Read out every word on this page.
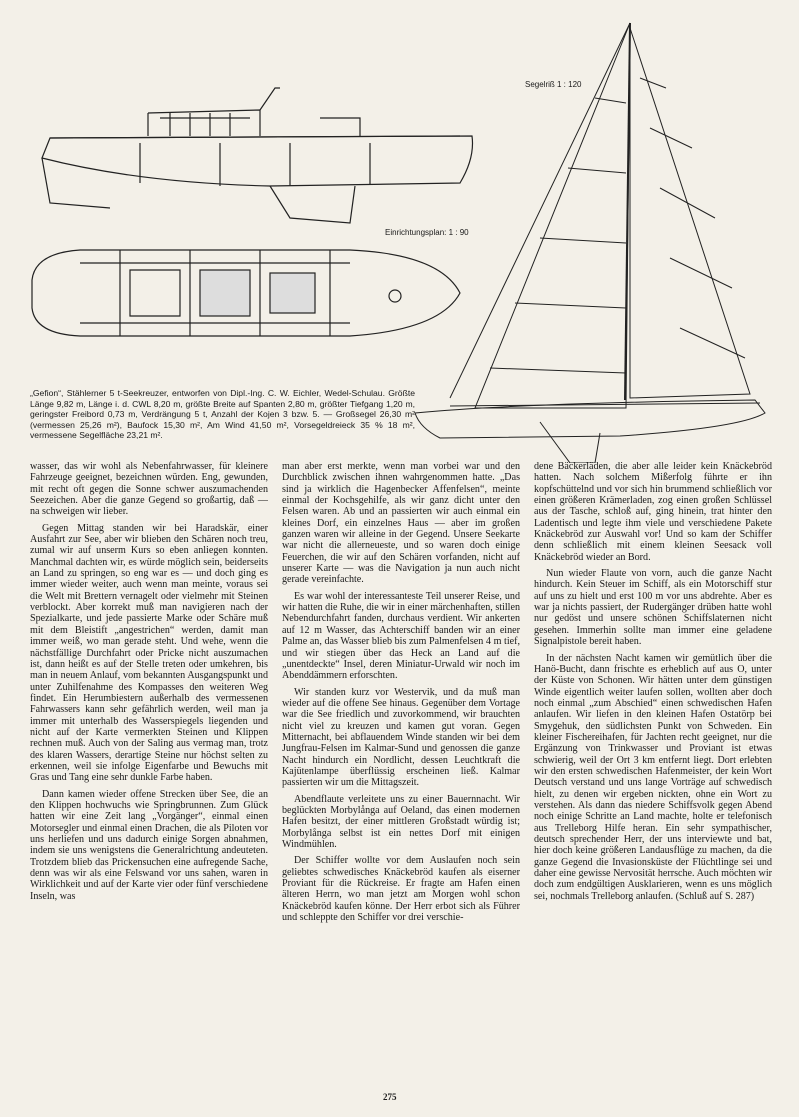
Segelriß 1 : 120
Einrichtungsplan: 1 : 90
„Gefion“, Stählerner 5 t-Seekreuzer, entworfen von Dipl.-Ing. C. W. Eichler, Wedel-Schulau. Größte Länge 9,82 m, Länge i. d. CWL 8,20 m, größte Breite auf Spanten 2,80 m, größter Tiefgang 1,20 m, geringster Freibord 0,73 m, Verdrängung 5 t, Anzahl der Kojen 3 bzw. 5. — Großsegel 26,30 m² (vermessen 25,26 m²), Baufock 15,30 m², Am Wind 41,50 m², Vorsegeldreieck 35 % 18 m², vermessene Segelfläche 23,21 m².

wasser, das wir wohl als Nebenfahrwasser, für kleinere Fahrzeuge geeignet, bezeichnen würden. Eng, gewunden, mit recht oft gegen die Sonne schwer auszumachenden Seezeichen. Aber die ganze Gegend so großartig, daß — na schweigen wir lieber.

Gegen Mittag standen wir bei Haradskär, einer Ausfahrt zur See, aber wir blieben den Schären noch treu, zumal wir auf unserm Kurs so eben anliegen konnten. Manchmal dachten wir, es würde möglich sein, beiderseits an Land zu springen, so eng war es — und doch ging es immer wieder weiter, auch wenn man meinte, voraus sei die Welt mit Brettern vernagelt oder vielmehr mit Steinen verblockt. Aber korrekt muß man navigieren nach der Spezialkarte, und jede passierte Marke oder Schäre muß mit dem Bleistift „angestrichen“ werden, damit man immer weiß, wo man gerade steht. Und wehe, wenn die nächstfällige Durchfahrt oder Pricke nicht auszumachen ist, dann heißt es auf der Stelle treten oder umkehren, bis man in neuem Anlauf, vom bekannten Ausgangspunkt und unter Zuhilfenahme des Kompasses den weiteren Weg findet. Ein Herumbiestern außerhalb des vermessenen Fahrwassers kann sehr gefährlich werden, weil man ja immer mit unterhalb des Wasserspiegels liegenden und nicht auf der Karte vermerkten Steinen und Klippen rechnen muß. Auch von der Saling aus vermag man, trotz des klaren Wassers, derartige Steine nur höchst selten zu erkennen, weil sie infolge Eigenfarbe und Bewuchs mit Gras und Tang eine sehr dunkle Farbe haben.

Dann kamen wieder offene Strecken über See, die an den Klippen hochwuchs wie Springbrunnen. Zum Glück hatten wir eine Zeit lang „Vorgänger“, einmal einen Motorsegler und einmal einen Drachen, die als Piloten vor uns herliefen und uns dadurch einige Sorgen abnahmen, indem sie uns wenigstens die Generalrichtung andeuteten. Trotzdem blieb das Prickensuchen eine aufregende Sache, denn was wir als eine Felswand vor uns sahen, waren in Wirklichkeit und auf der Karte vier oder fünf verschiedene Inseln, was

man aber erst merkte, wenn man vorbei war und den Durchblick zwischen ihnen wahrgenommen hatte. „Das sind ja wirklich die Hagenbecker Affenfelsen“, meinte einmal der Kochsgehilfe, als wir ganz dicht unter den Felsen waren. Ab und an passierten wir auch einmal ein kleines Dorf, ein einzelnes Haus — aber im großen ganzen waren wir alleine in der Gegend. Unsere Seekarte war nicht die allerneueste, und so waren doch einige Feuerchen, die wir auf den Schären vorfanden, nicht auf unserer Karte — was die Navigation ja nun auch nicht gerade vereinfachte.

Es war wohl der interessanteste Teil unserer Reise, und wir hatten die Ruhe, die wir in einer märchenhaften, stillen Nebendurchfahrt fanden, durchaus verdient. Wir ankerten auf 12 m Wasser, das Achterschiff banden wir an einer Palme an, das Wasser blieb bis zum Palmenfelsen 4 m tief, und wir stiegen über das Heck an Land auf die „unentdeckte“ Insel, deren Miniatur-Urwald wir noch im Abenddämmern erforschten.

Wir standen kurz vor Westervik, und da muß man wieder auf die offene See hinaus. Gegenüber dem Vortage war die See friedlich und zuvorkommend, wir brauchten nicht viel zu kreuzen und kamen gut voran. Gegen Mitternacht, bei abflauendem Winde standen wir bei dem Jungfrau-Felsen im Kalmar-Sund und genossen die ganze Nacht hindurch ein Nordlicht, dessen Leuchtkraft die Kajütenlampe überflüssig erscheinen ließ. Kalmar passierten wir um die Mittagszeit.

Abendflaute verleitete uns zu einer Bauernnacht. Wir beglückten Morbylånga auf Oeland, das einen modernen Hafen besitzt, der einer mittleren Großstadt würdig ist; Morbylånga selbst ist ein nettes Dorf mit einigen Windmühlen.

Der Schiffer wollte vor dem Auslaufen noch sein geliebtes schwedisches Knäckebröd kaufen als eiserner Proviant für die Rückreise. Er fragte am Hafen einen älteren Herrn, wo man jetzt am Morgen wohl schon Knäckebröd kaufen könne. Der Herr erbot sich als Führer und schleppte den Schiffer vor drei verschie-

dene Bäckerläden, die aber alle leider kein Knäckebröd hatten. Nach solchem Mißerfolg führte er ihn kopfschüttelnd und vor sich hin brummend schließlich vor einen größeren Krämerladen, zog einen großen Schlüssel aus der Tasche, schloß auf, ging hinein, trat hinter den Ladentisch und legte ihm viele und verschiedene Pakete Knäckebröd zur Auswahl vor! Und so kam der Schiffer denn schließlich mit einem kleinen Seesack voll Knäckebröd wieder an Bord.

Nun wieder Flaute von vorn, auch die ganze Nacht hindurch. Kein Steuer im Schiff, als ein Motorschiff stur auf uns zu hielt und erst 100 m vor uns abdrehte. Aber es war ja nichts passiert, der Rudergänger drüben hatte wohl nur gedöst und unsere schönen Schiffslaternen nicht gesehen. Immerhin sollte man immer eine geladene Signalpistole bereit haben.

In der nächsten Nacht kamen wir gemütlich über die Hanö-Bucht, dann frischte es erheblich auf aus O, unter der Küste von Schonen. Wir hätten unter dem günstigen Winde eigentlich weiter laufen sollen, wollten aber doch noch einmal „zum Abschied“ einen schwedischen Hafen anlaufen. Wir liefen in den kleinen Hafen Ostatörp bei Smygehuk, den südlichsten Punkt von Schweden. Ein kleiner Fischereihafen, für Jachten recht geeignet, nur die Ergänzung von Trinkwasser und Proviant ist etwas schwierig, weil der Ort 3 km entfernt liegt. Dort erlebten wir den ersten schwedischen Hafenmeister, der kein Wort Deutsch verstand und uns lange Vorträge auf schwedisch hielt, zu denen wir ergeben nickten, ohne ein Wort zu verstehen. Als dann das niedere Schiffsvolk gegen Abend noch einige Schritte an Land machte, holte er telefonisch aus Trelleborg Hilfe heran. Ein sehr sympathischer, deutsch sprechender Herr, der uns interviewte und bat, hier doch keine größeren Landausflüge zu machen, da die ganze Gegend die Invasionsküste der Flüchtlinge sei und daher eine gewisse Nervosität herrsche. Auch möchten wir doch zum endgültigen Ausklarieren, wenn es uns möglich sei, nochmals Trelleborg anlaufen. (Schluß auf S. 287)

275
